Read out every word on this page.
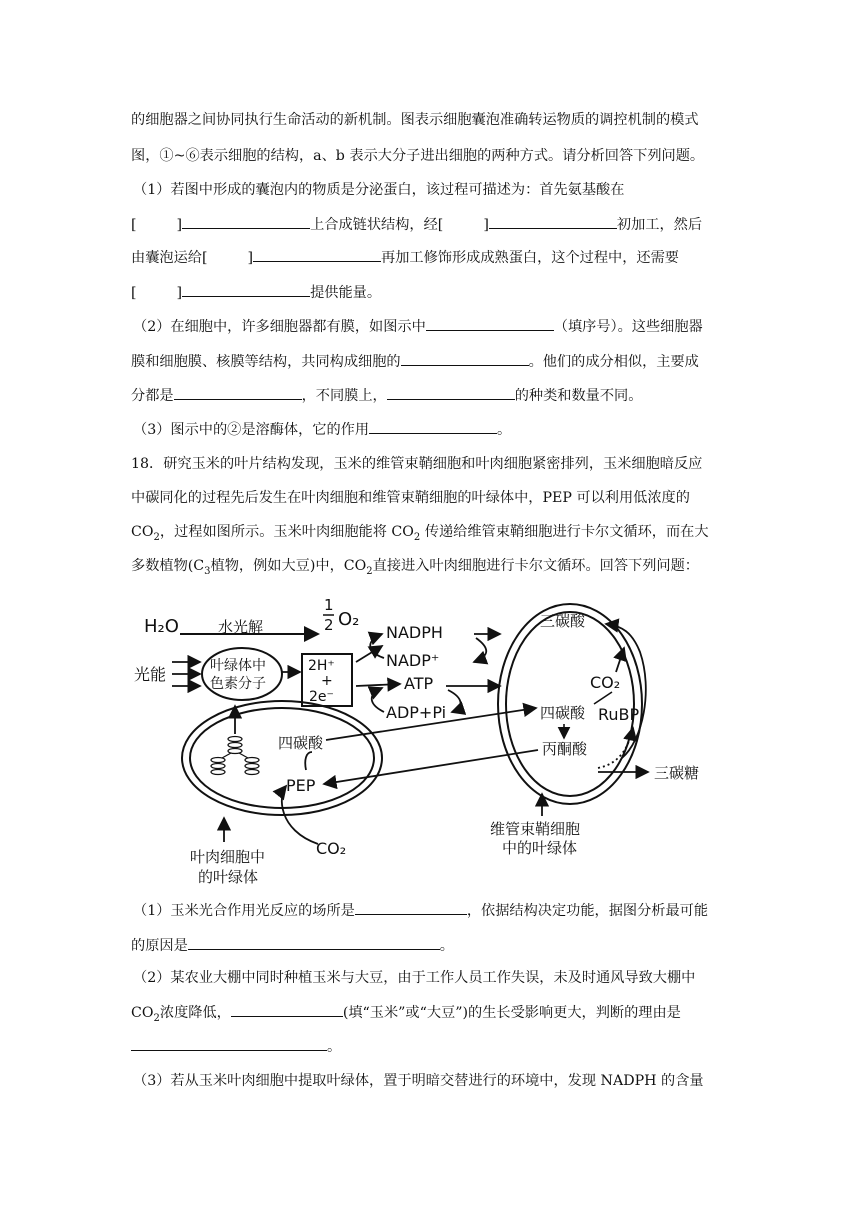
的细胞器之间协同执行生命活动的新机制。图表示细胞囊泡准确转运物质的调控机制的模式
图，①~⑥表示细胞的结构，a、b 表示大分子进出细胞的两种方式。请分析回答下列问题。
（1）若图中形成的囊泡内的物质是分泌蛋白，该过程可描述为：首先氨基酸在
[	]	上合成链状结构，经[	]	初加工，然后
由囊泡运给[	]	再加工修饰形成成熟蛋白，这个过程中，还需要
[	]	提供能量。
（2）在细胞中，许多细胞器都有膜，如图示中	（填序号）。这些细胞器
膜和细胞膜、核膜等结构，共同构成细胞的	。他们的成分相似，主要成
分都是	，不同膜上，	的种类和数量不同。
（3）图示中的②是溶酶体，它的作用	。
18．研究玉米的叶片结构发现，玉米的维管束鞘细胞和叶肉细胞紧密排列，玉米细胞暗反应
中碳同化的过程先后发生在叶肉细胞和维管束鞘细胞的叶绿体中，PEP 可以利用低浓度的
$CO_2$，过程如图所示。玉米叶肉细胞能将 $CO_2$ 传递给维管束鞘细胞进行卡尔文循环，而在大
多数植物($C_3$植物，例如大豆)中，$CO_2$直接进入叶肉细胞进行卡尔文循环。回答下列问题：
H₂O	水光解
1
2 O₂
光能	叶绿体中
色素分子
2H⁺
+
2e⁻
NADPH
NADP⁺
ATP
ADP+Pi
四碳酸
PEP
CO₂
叶肉细胞中
的叶绿体
三碳酸
CO₂
四碳酸 RuBP
丙酮酸
三碳糖
维管束鞘细胞
中的叶绿体
（1）玉米光合作用光反应的场所是	，依据结构决定功能，据图分析最可能
的原因是	。
（2）某农业大棚中同时种植玉米与大豆，由于工作人员工作失误，未及时通风导致大棚中
$CO_2$浓度降低，	(填“玉米”或“大豆”)的生长受影响更大，判断的理由是
。
（3）若从玉米叶肉细胞中提取叶绿体，置于明暗交替进行的环境中，发现 NADPH 的含量
